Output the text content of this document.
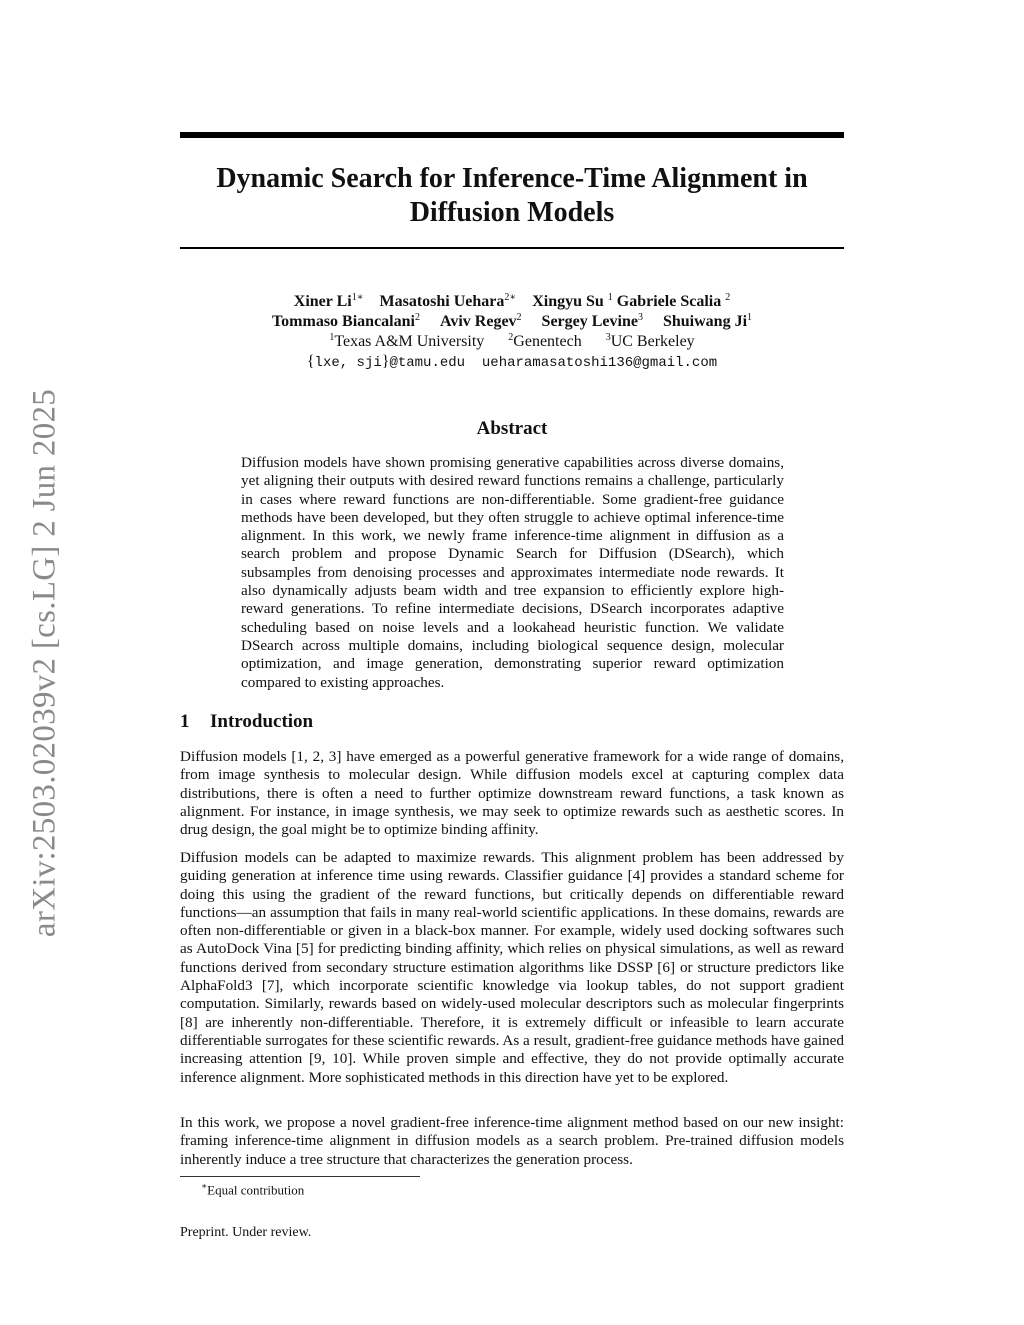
arXiv:2503.02039v2 [cs.LG] 2 Jun 2025
Dynamic Search for Inference-Time Alignment in Diffusion Models
Xiner $Li^{1∗}$ Masatoshi Uehara$^{2∗}$ Xingyu Su $^1$ Gabriele Scalia $^2$
Tommaso Biancalani$^2$ Aviv Regev$^2$ Sergey Levine$^3$ Shuiwang Ji$^1$
$^1$Texas A&M University $^2$Genentech $^3$UC Berkeley
{lxe, sji}@tamu.edu ueharamasatoshi136@gmail.com
Abstract
Diffusion models have shown promising generative capabilities across diverse domains, yet aligning their outputs with desired reward functions remains a challenge, particularly in cases where reward functions are non-differentiable. Some gradient-free guidance methods have been developed, but they often struggle to achieve optimal inference-time alignment. In this work, we newly frame inference-time alignment in diffusion as a search problem and propose Dynamic Search for Diffusion (DSearch), which subsamples from denoising processes and approximates intermediate node rewards. It also dynamically adjusts beam width and tree expansion to efficiently explore high-reward generations. To refine intermediate decisions, DSearch incorporates adaptive scheduling based on noise levels and a lookahead heuristic function. We validate DSearch across multiple domains, including biological sequence design, molecular optimization, and image generation, demonstrating superior reward optimization compared to existing approaches.
1 Introduction

Diffusion models [1, 2, 3] have emerged as a powerful generative framework for a wide range of domains, from image synthesis to molecular design. While diffusion models excel at capturing complex data distributions, there is often a need to further optimize downstream reward functions, a task known as alignment. For instance, in image synthesis, we may seek to optimize rewards such as aesthetic scores. In drug design, the goal might be to optimize binding affinity.

Diffusion models can be adapted to maximize rewards. This alignment problem has been addressed by guiding generation at inference time using rewards. Classifier guidance [4] provides a standard scheme for doing this using the gradient of the reward functions, but critically depends on differentiable reward functions—an assumption that fails in many real-world scientific applications. In these domains, rewards are often non-differentiable or given in a black-box manner. For example, widely used docking softwares such as AutoDock Vina [5] for predicting binding affinity, which relies on physical simulations, as well as reward functions derived from secondary structure estimation algorithms like DSSP [6] or structure predictors like AlphaFold3 [7], which incorporate scientific knowledge via lookup tables, do not support gradient computation. Similarly, rewards based on widely-used molecular descriptors such as molecular fingerprints [8] are inherently non-differentiable. Therefore, it is extremely difficult or infeasible to learn accurate differentiable surrogates for these scientific rewards. As a result, gradient-free guidance methods have gained increasing attention [9, 10]. While proven simple and effective, they do not provide optimally accurate inference alignment. More sophisticated methods in this direction have yet to be explored.

In this work, we propose a novel gradient-free inference-time alignment method based on our new insight: framing inference-time alignment in diffusion models as a search problem. Pre-trained diffusion models inherently induce a tree structure that characterizes the generation process.

∗Equal contribution
Preprint. Under review.
